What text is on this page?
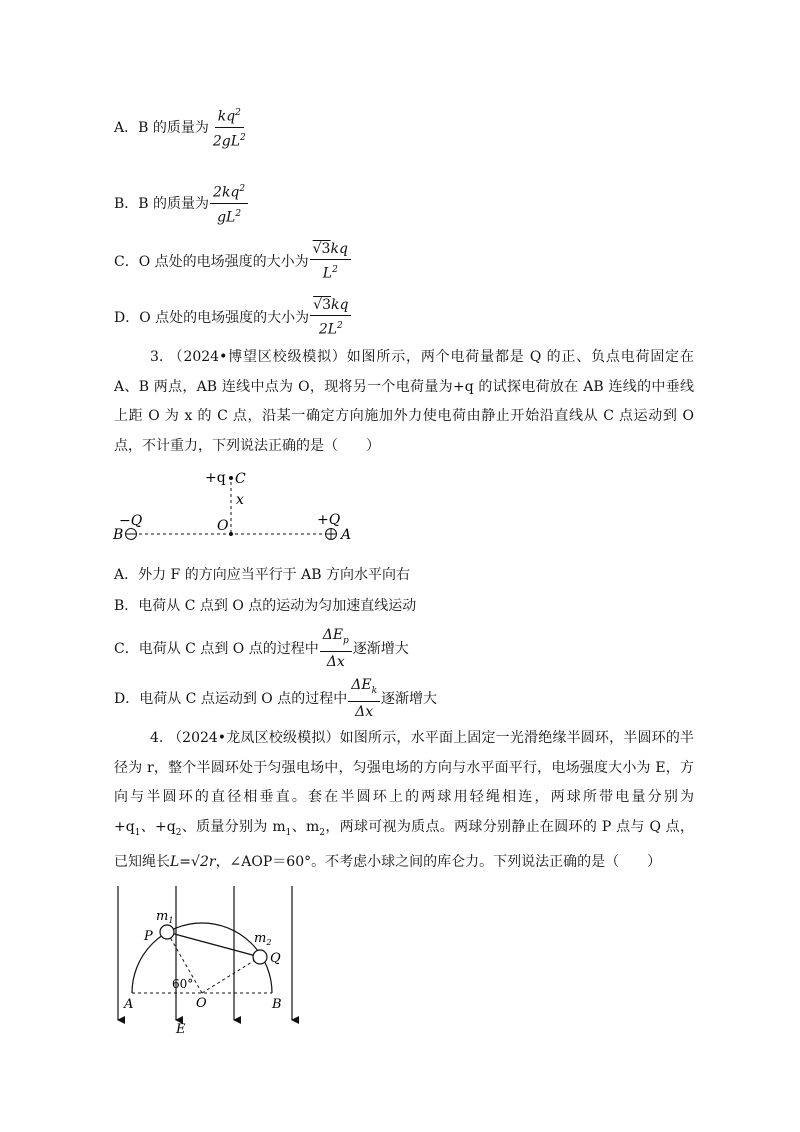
A．B 的质量为 $\frac{kq^2}{2gL^2}$
B．B 的质量为 $\frac{2kq^2}{gL^2}$
C．O 点处的电场强度的大小为 $\frac{√3kq}{L^2}$
D．O 点处的电场强度的大小为 $\frac{√3kq}{2L^2}$
3. （2024•博望区校级模拟）如图所示，两个电荷量都是 Q 的正、负点电荷固定在 A、B 两点，AB 连线中点为 O，现将另一个电荷量为+q 的试探电荷放在 AB 连线的中垂线上距 O 为 x 的 C 点，沿某一确定方向施加外力使电荷由静止开始沿直线从 C 点运动到 O 点，不计重力，下列说法正确的是（　　）
+q C
x
−Q	O	+Q
B	A
A．外力 F 的方向应当平行于 AB 方向水平向右
B．电荷从 C 点到 O 点的运动为匀加速直线运动
C．电荷从 C 点到 O 点的过程中 $\frac{\Delta E_p}{\Delta x}$ 逐渐增大
D．电荷从 C 点运动到 O 点的过程中 $\frac{\Delta E_k}{\Delta x}$ 逐渐增大
4. （2024•龙凤区校级模拟）如图所示，水平面上固定一光滑绝缘半圆环，半圆环的半径为 r，整个半圆环处于匀强电场中，匀强电场的方向与水平面平行，电场强度大小为 E，方向与半圆环的直径相垂直。套在半圆环上的两球用轻绳相连，两球所带电量分别为 $+q_1$、$+q_2$、质量分别为 $m_1$、$m_2$，两球可视为质点。两球分别静止在圆环的 P 点与 Q 点，已知绳长L=√2r，∠AOP＝60°。不考虑小球之间的库仑力。下列说法正确的是（　　）
$m_1$
P	$m_2$
Q
60°
A	O	B
E
